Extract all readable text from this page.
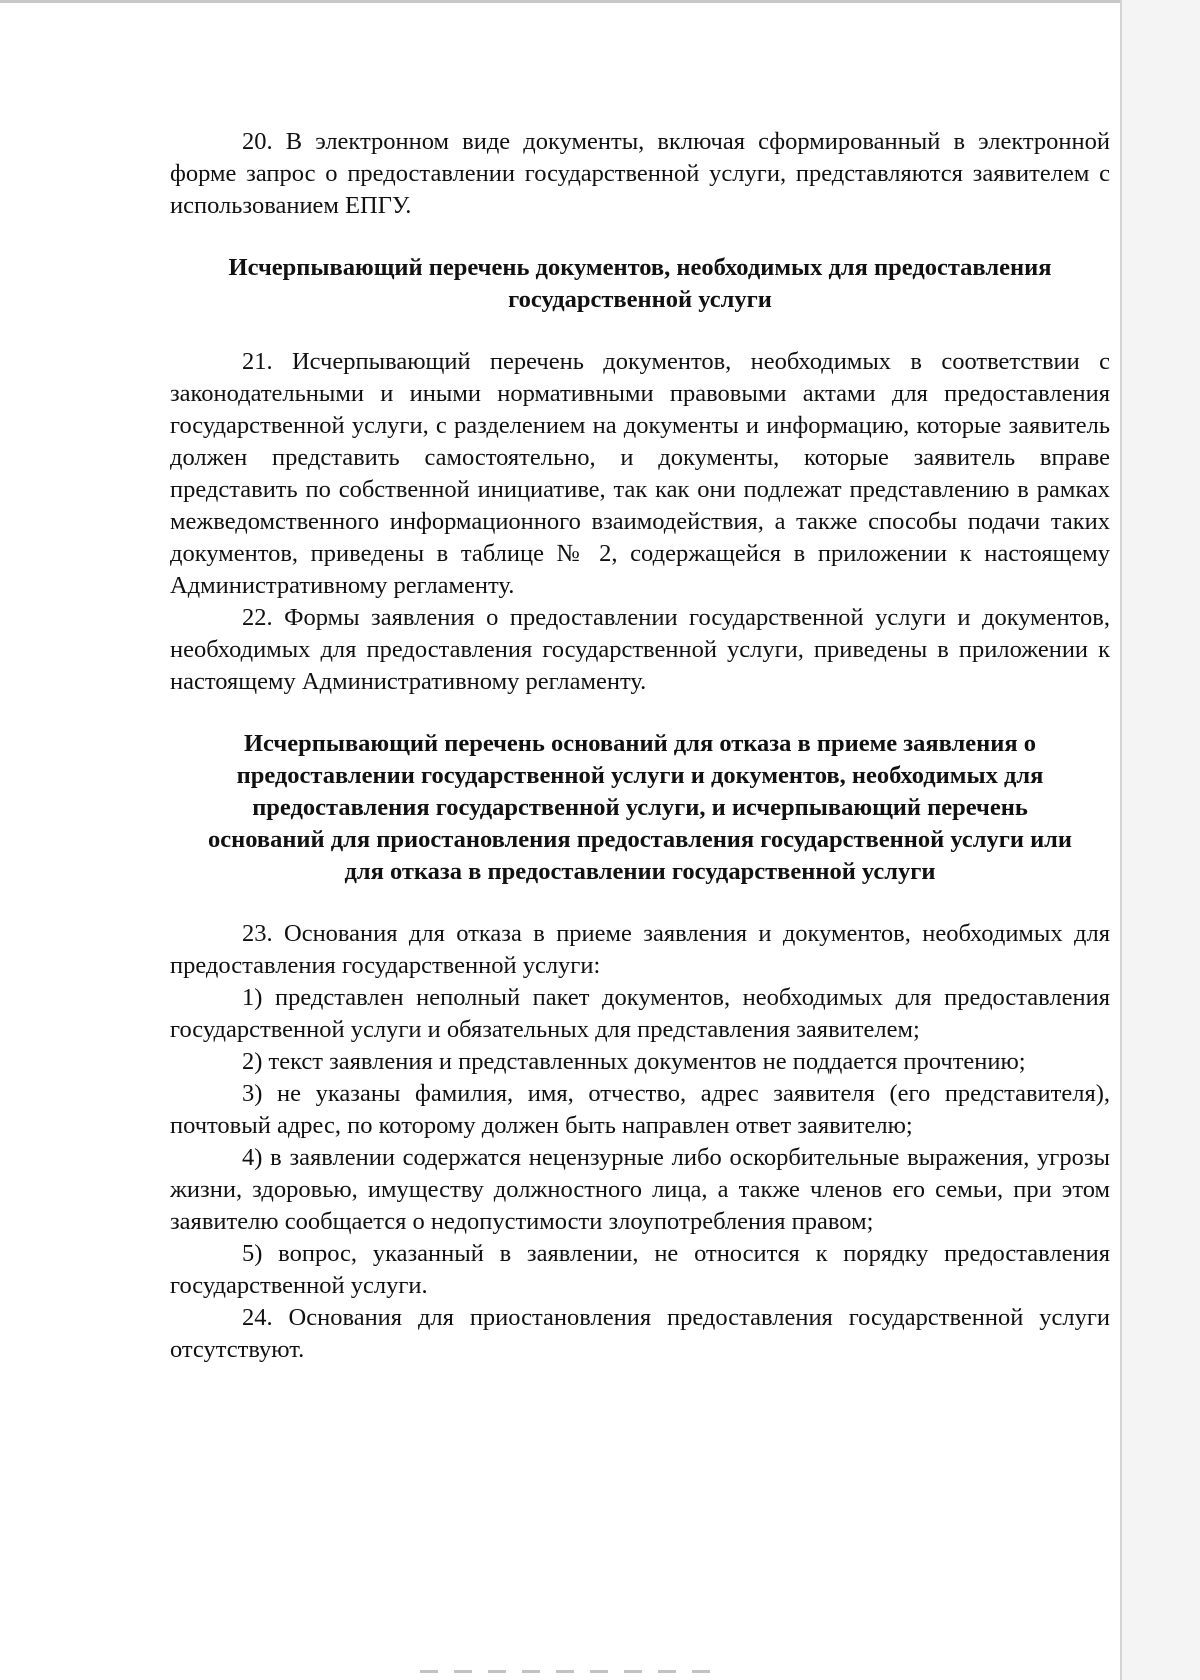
20. В электронном виде документы, включая сформированный в электронной форме запрос о предоставлении государственной услуги, представляются заявителем с использованием ЕПГУ.

Исчерпывающий перечень документов, необходимых для предоставления государственной услуги

21. Исчерпывающий перечень документов, необходимых в соответствии с законодательными и иными нормативными правовыми актами для предоставления государственной услуги, с разделением на документы и информацию, которые заявитель должен представить самостоятельно, и документы, которые заявитель вправе представить по собственной инициативе, так как они подлежат представлению в рамках межведомственного информационного взаимодействия, а также способы подачи таких документов, приведены в таблице № 2, содержащейся в приложении к настоящему Административному регламенту.

22. Формы заявления о предоставлении государственной услуги и документов, необходимых для предоставления государственной услуги, приведены в приложении к настоящему Административному регламенту.

Исчерпывающий перечень оснований для отказа в приеме заявления о предоставлении государственной услуги и документов, необходимых для предоставления государственной услуги, и исчерпывающий перечень оснований для приостановления предоставления государственной услуги или для отказа в предоставлении государственной услуги

23. Основания для отказа в приеме заявления и документов, необходимых для предоставления государственной услуги:

1) представлен неполный пакет документов, необходимых для предоставления государственной услуги и обязательных для представления заявителем;

2) текст заявления и представленных документов не поддается прочтению;

3) не указаны фамилия, имя, отчество, адрес заявителя (его представителя), почтовый адрес, по которому должен быть направлен ответ заявителю;

4) в заявлении содержатся нецензурные либо оскорбительные выражения, угрозы жизни, здоровью, имуществу должностного лица, а также членов его семьи, при этом заявителю сообщается о недопустимости злоупотребления правом;

5) вопрос, указанный в заявлении, не относится к порядку предоставления государственной услуги.

24. Основания для приостановления предоставления государственной услуги отсутствуют.
